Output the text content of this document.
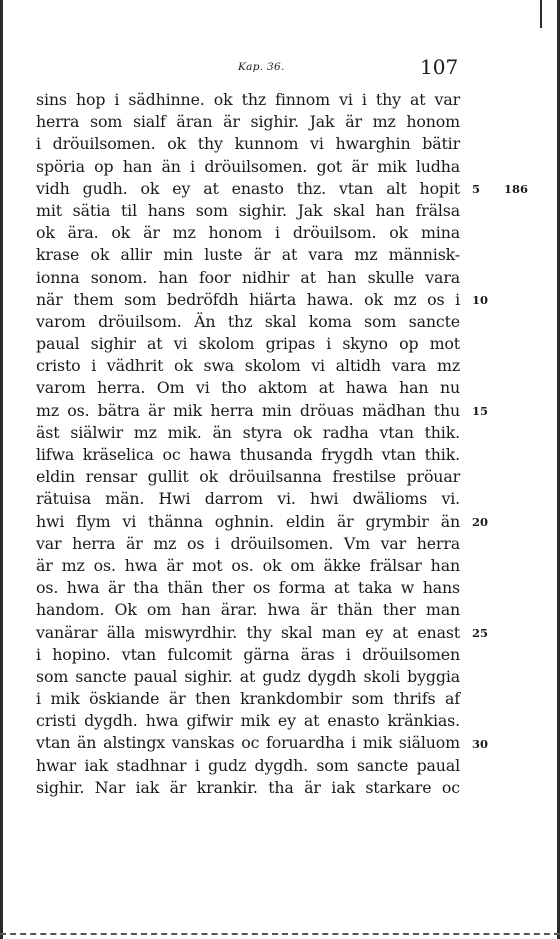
Kap. 36.	107
sins hop i sädhinne. ok thz finnom vi i thy at var
herra som sialf äran är sighir. Jak är mz honom
i dröuilsomen. ok thy kunnom vi hwarghin bätir
spöria op han än i dröuilsomen. got är mik ludha
vidh gudh. ok ey at enasto thz. vtan alt hopit
mit sätia til hans som sighir. Jak skal han frälsa
ok ära. ok är mz honom i dröuilsom. ok mina
krase ok allir min luste är at vara mz människ-
ionna sonom. han foor nidhir at han skulle vara
när them som bedröfdh hiärta hawa. ok mz os i
varom dröuilsom. Än thz skal koma som sancte
paual sighir at vi skolom gripas i skyno op mot
cristo i vädhrit ok swa skolom vi altidh vara mz
varom herra. Om vi tho aktom at hawa han nu
mz os. bätra är mik herra min dröuas mädhan thu
äst siälwir mz mik. än styra ok radha vtan thik.
lifwa kräselica oc hawa thusanda frygdh vtan thik.
eldin rensar gullit ok dröuilsanna frestilse pröuar
rätuisa män. Hwi darrom vi. hwi dwälioms vi.
hwi flym vi thänna oghnin. eldin är grymbir än
var herra är mz os i dröuilsomen. Vm var herra
är mz os. hwa är mot os. ok om äkke frälsar han
os. hwa är tha thän ther os forma at taka w hans
handom. Ok om han ärar. hwa är thän ther man
vanärar älla miswyrdhir. thy skal man ey at enast
i hopino. vtan fulcomit gärna äras i dröuilsomen
som sancte paual sighir. at gudz dygdh skoli byggia
i mik öskiande är then krankdombir som thrifs af
cristi dygdh. hwa gifwir mik ey at enasto kränkias.
vtan än alstingx vanskas oc foruardha i mik siäluom
hwar iak stadhnar i gudz dygdh. som sancte paual
sighir. Nar iak är krankir. tha är iak starkare oc
5
10
15
20
25
30
186
